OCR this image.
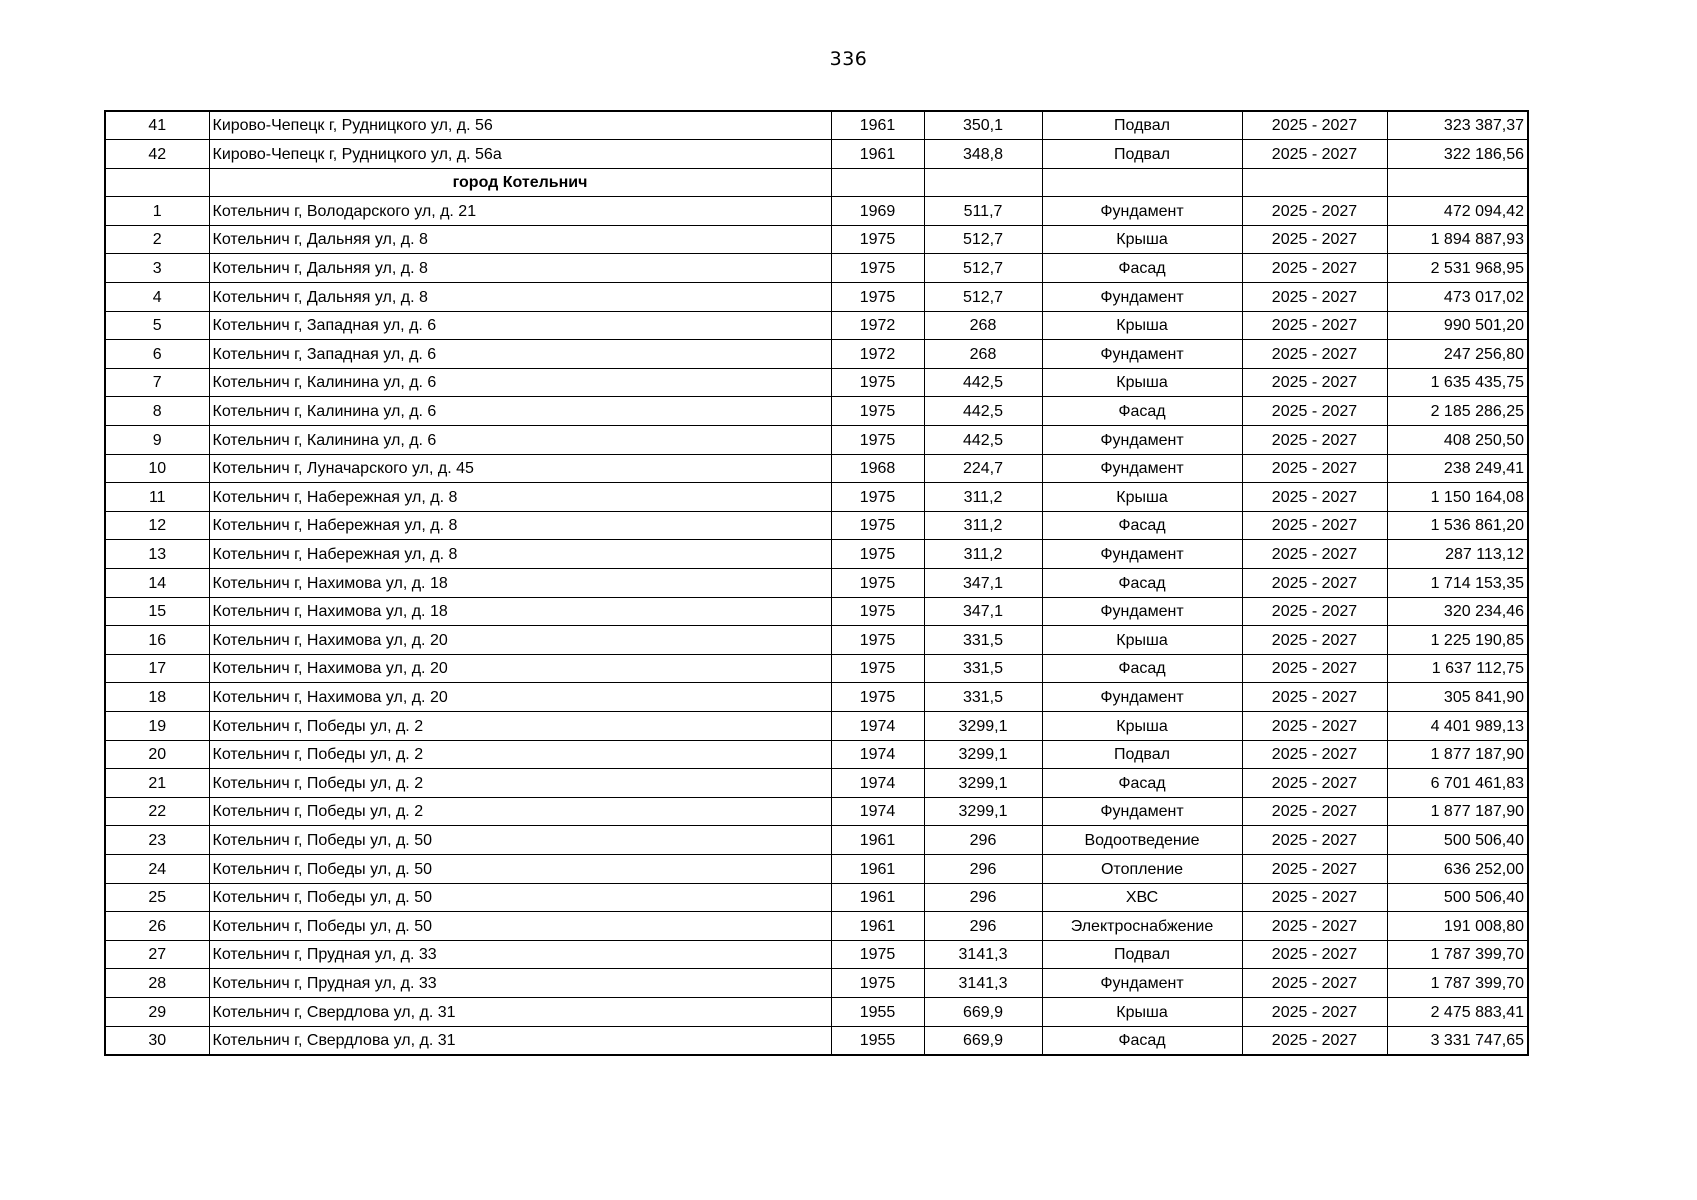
336
41	Кирово-Чепецк г, Рудницкого ул, д. 56	1961	350,1	Подвал	2025 - 2027	323 387,37
42	Кирово-Чепецк г, Рудницкого ул, д. 56а	1961	348,8	Подвал	2025 - 2027	322 186,56
	город Котельнич					
1	Котельнич г, Володарского ул, д. 21	1969	511,7	Фундамент	2025 - 2027	472 094,42
2	Котельнич г, Дальняя ул, д. 8	1975	512,7	Крыша	2025 - 2027	1 894 887,93
3	Котельнич г, Дальняя ул, д. 8	1975	512,7	Фасад	2025 - 2027	2 531 968,95
4	Котельнич г, Дальняя ул, д. 8	1975	512,7	Фундамент	2025 - 2027	473 017,02
5	Котельнич г, Западная ул, д. 6	1972	268	Крыша	2025 - 2027	990 501,20
6	Котельнич г, Западная ул, д. 6	1972	268	Фундамент	2025 - 2027	247 256,80
7	Котельнич г, Калинина ул, д. 6	1975	442,5	Крыша	2025 - 2027	1 635 435,75
8	Котельнич г, Калинина ул, д. 6	1975	442,5	Фасад	2025 - 2027	2 185 286,25
9	Котельнич г, Калинина ул, д. 6	1975	442,5	Фундамент	2025 - 2027	408 250,50
10	Котельнич г, Луначарского ул, д. 45	1968	224,7	Фундамент	2025 - 2027	238 249,41
11	Котельнич г, Набережная ул, д. 8	1975	311,2	Крыша	2025 - 2027	1 150 164,08
12	Котельнич г, Набережная ул, д. 8	1975	311,2	Фасад	2025 - 2027	1 536 861,20
13	Котельнич г, Набережная ул, д. 8	1975	311,2	Фундамент	2025 - 2027	287 113,12
14	Котельнич г, Нахимова ул, д. 18	1975	347,1	Фасад	2025 - 2027	1 714 153,35
15	Котельнич г, Нахимова ул, д. 18	1975	347,1	Фундамент	2025 - 2027	320 234,46
16	Котельнич г, Нахимова ул, д. 20	1975	331,5	Крыша	2025 - 2027	1 225 190,85
17	Котельнич г, Нахимова ул, д. 20	1975	331,5	Фасад	2025 - 2027	1 637 112,75
18	Котельнич г, Нахимова ул, д. 20	1975	331,5	Фундамент	2025 - 2027	305 841,90
19	Котельнич г, Победы ул, д. 2	1974	3299,1	Крыша	2025 - 2027	4 401 989,13
20	Котельнич г, Победы ул, д. 2	1974	3299,1	Подвал	2025 - 2027	1 877 187,90
21	Котельнич г, Победы ул, д. 2	1974	3299,1	Фасад	2025 - 2027	6 701 461,83
22	Котельнич г, Победы ул, д. 2	1974	3299,1	Фундамент	2025 - 2027	1 877 187,90
23	Котельнич г, Победы ул, д. 50	1961	296	Водоотведение	2025 - 2027	500 506,40
24	Котельнич г, Победы ул, д. 50	1961	296	Отопление	2025 - 2027	636 252,00
25	Котельнич г, Победы ул, д. 50	1961	296	ХВС	2025 - 2027	500 506,40
26	Котельнич г, Победы ул, д. 50	1961	296	Электроснабжение	2025 - 2027	191 008,80
27	Котельнич г, Прудная ул, д. 33	1975	3141,3	Подвал	2025 - 2027	1 787 399,70
28	Котельнич г, Прудная ул, д. 33	1975	3141,3	Фундамент	2025 - 2027	1 787 399,70
29	Котельнич г, Свердлова ул, д. 31	1955	669,9	Крыша	2025 - 2027	2 475 883,41
30	Котельнич г, Свердлова ул, д. 31	1955	669,9	Фасад	2025 - 2027	3 331 747,65
